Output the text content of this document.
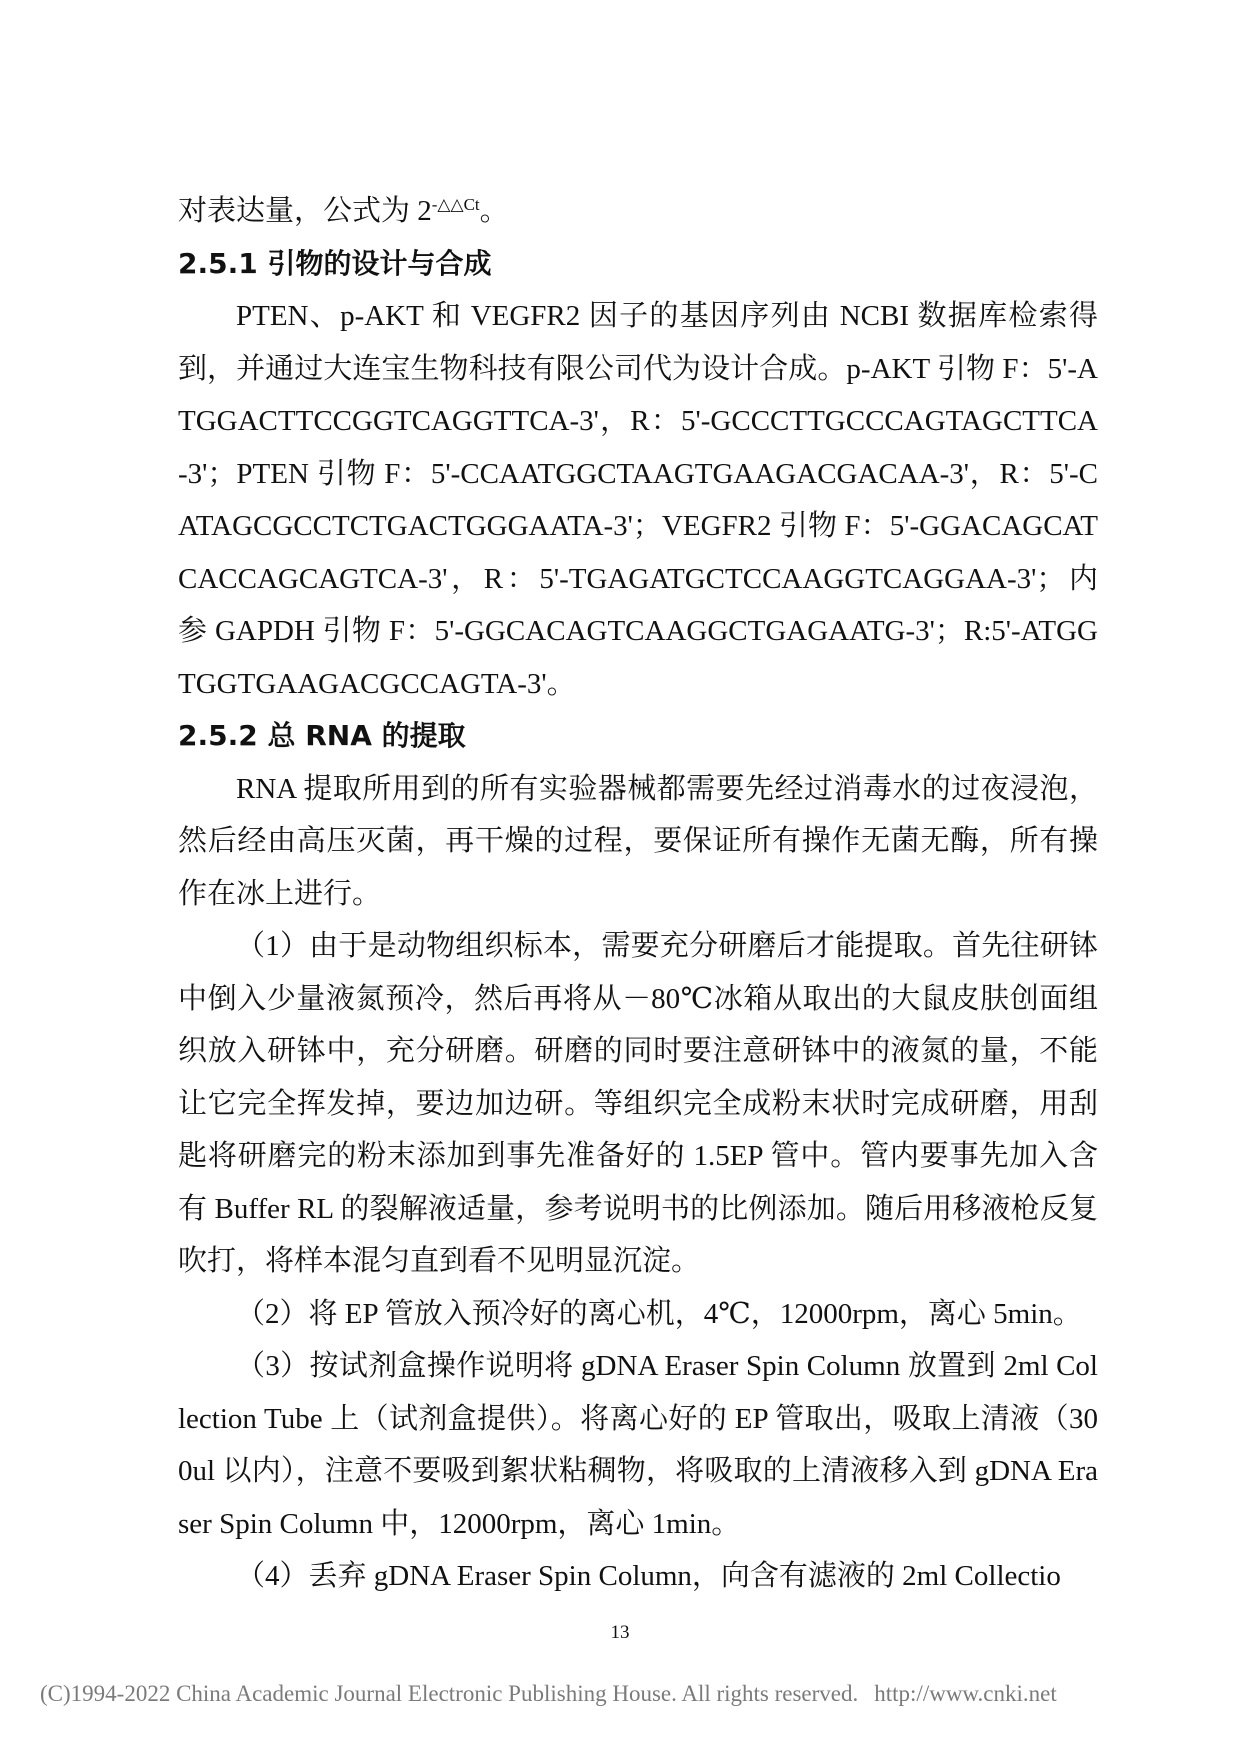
对表达量，公式为 $2^{-\triangle\triangle Ct}$。

2.5.1 引物的设计与合成

PTEN、p-AKT 和 VEGFR2 因子的基因序列由 NCBI 数据库检索得到，并通过大连宝生物科技有限公司代为设计合成。p-AKT 引物 F：5'-ATGGACTTCCGGTCAGGTTCA-3'，R：5'-GCCCTTGCCCAGTAGCTTCA-3'；PTEN 引物 F：5'-CCAATGGCTAAGTGAAGACGACAA-3'，R：5'-CATAGCGCCTCTGACTGGGAATA-3'；VEGFR2 引物 F：5'-GGACAGCATCACCAGCAGTCA-3'，R：5'-TGAGATGCTCCAAGGTCAGGAA-3'；内参 GAPDH 引物 F：5'-GGCACAGTCAAGGCTGAGAATG-3'；R:5'-ATGGTGGTGAAGACGCCAGTA-3'。

2.5.2 总 RNA 的提取

RNA 提取所用到的所有实验器械都需要先经过消毒水的过夜浸泡，然后经由高压灭菌，再干燥的过程，要保证所有操作无菌无酶，所有操作在冰上进行。

（1）由于是动物组织标本，需要充分研磨后才能提取。首先往研钵中倒入少量液氮预冷，然后再将从－80℃冰箱从取出的大鼠皮肤创面组织放入研钵中，充分研磨。研磨的同时要注意研钵中的液氮的量，不能让它完全挥发掉，要边加边研。等组织完全成粉末状时完成研磨，用刮匙将研磨完的粉末添加到事先准备好的 1.5EP 管中。管内要事先加入含有 Buffer RL 的裂解液适量，参考说明书的比例添加。随后用移液枪反复吹打，将样本混匀直到看不见明显沉淀。

（2）将 EP 管放入预冷好的离心机，4℃，12000rpm，离心 5min。

（3）按试剂盒操作说明将 gDNA Eraser Spin Column 放置到 2ml Collection Tube 上（试剂盒提供）。将离心好的 EP 管取出，吸取上清液（300ul 以内），注意不要吸到絮状粘稠物，将吸取的上清液移入到 gDNA Eraser Spin Column 中，12000rpm，离心 1min。

（4）丢弃 gDNA Eraser Spin Column，向含有滤液的 2ml Collectio

13
(C)1994-2022 China Academic Journal Electronic Publishing House. All rights reserved. http://www.cnki.net
